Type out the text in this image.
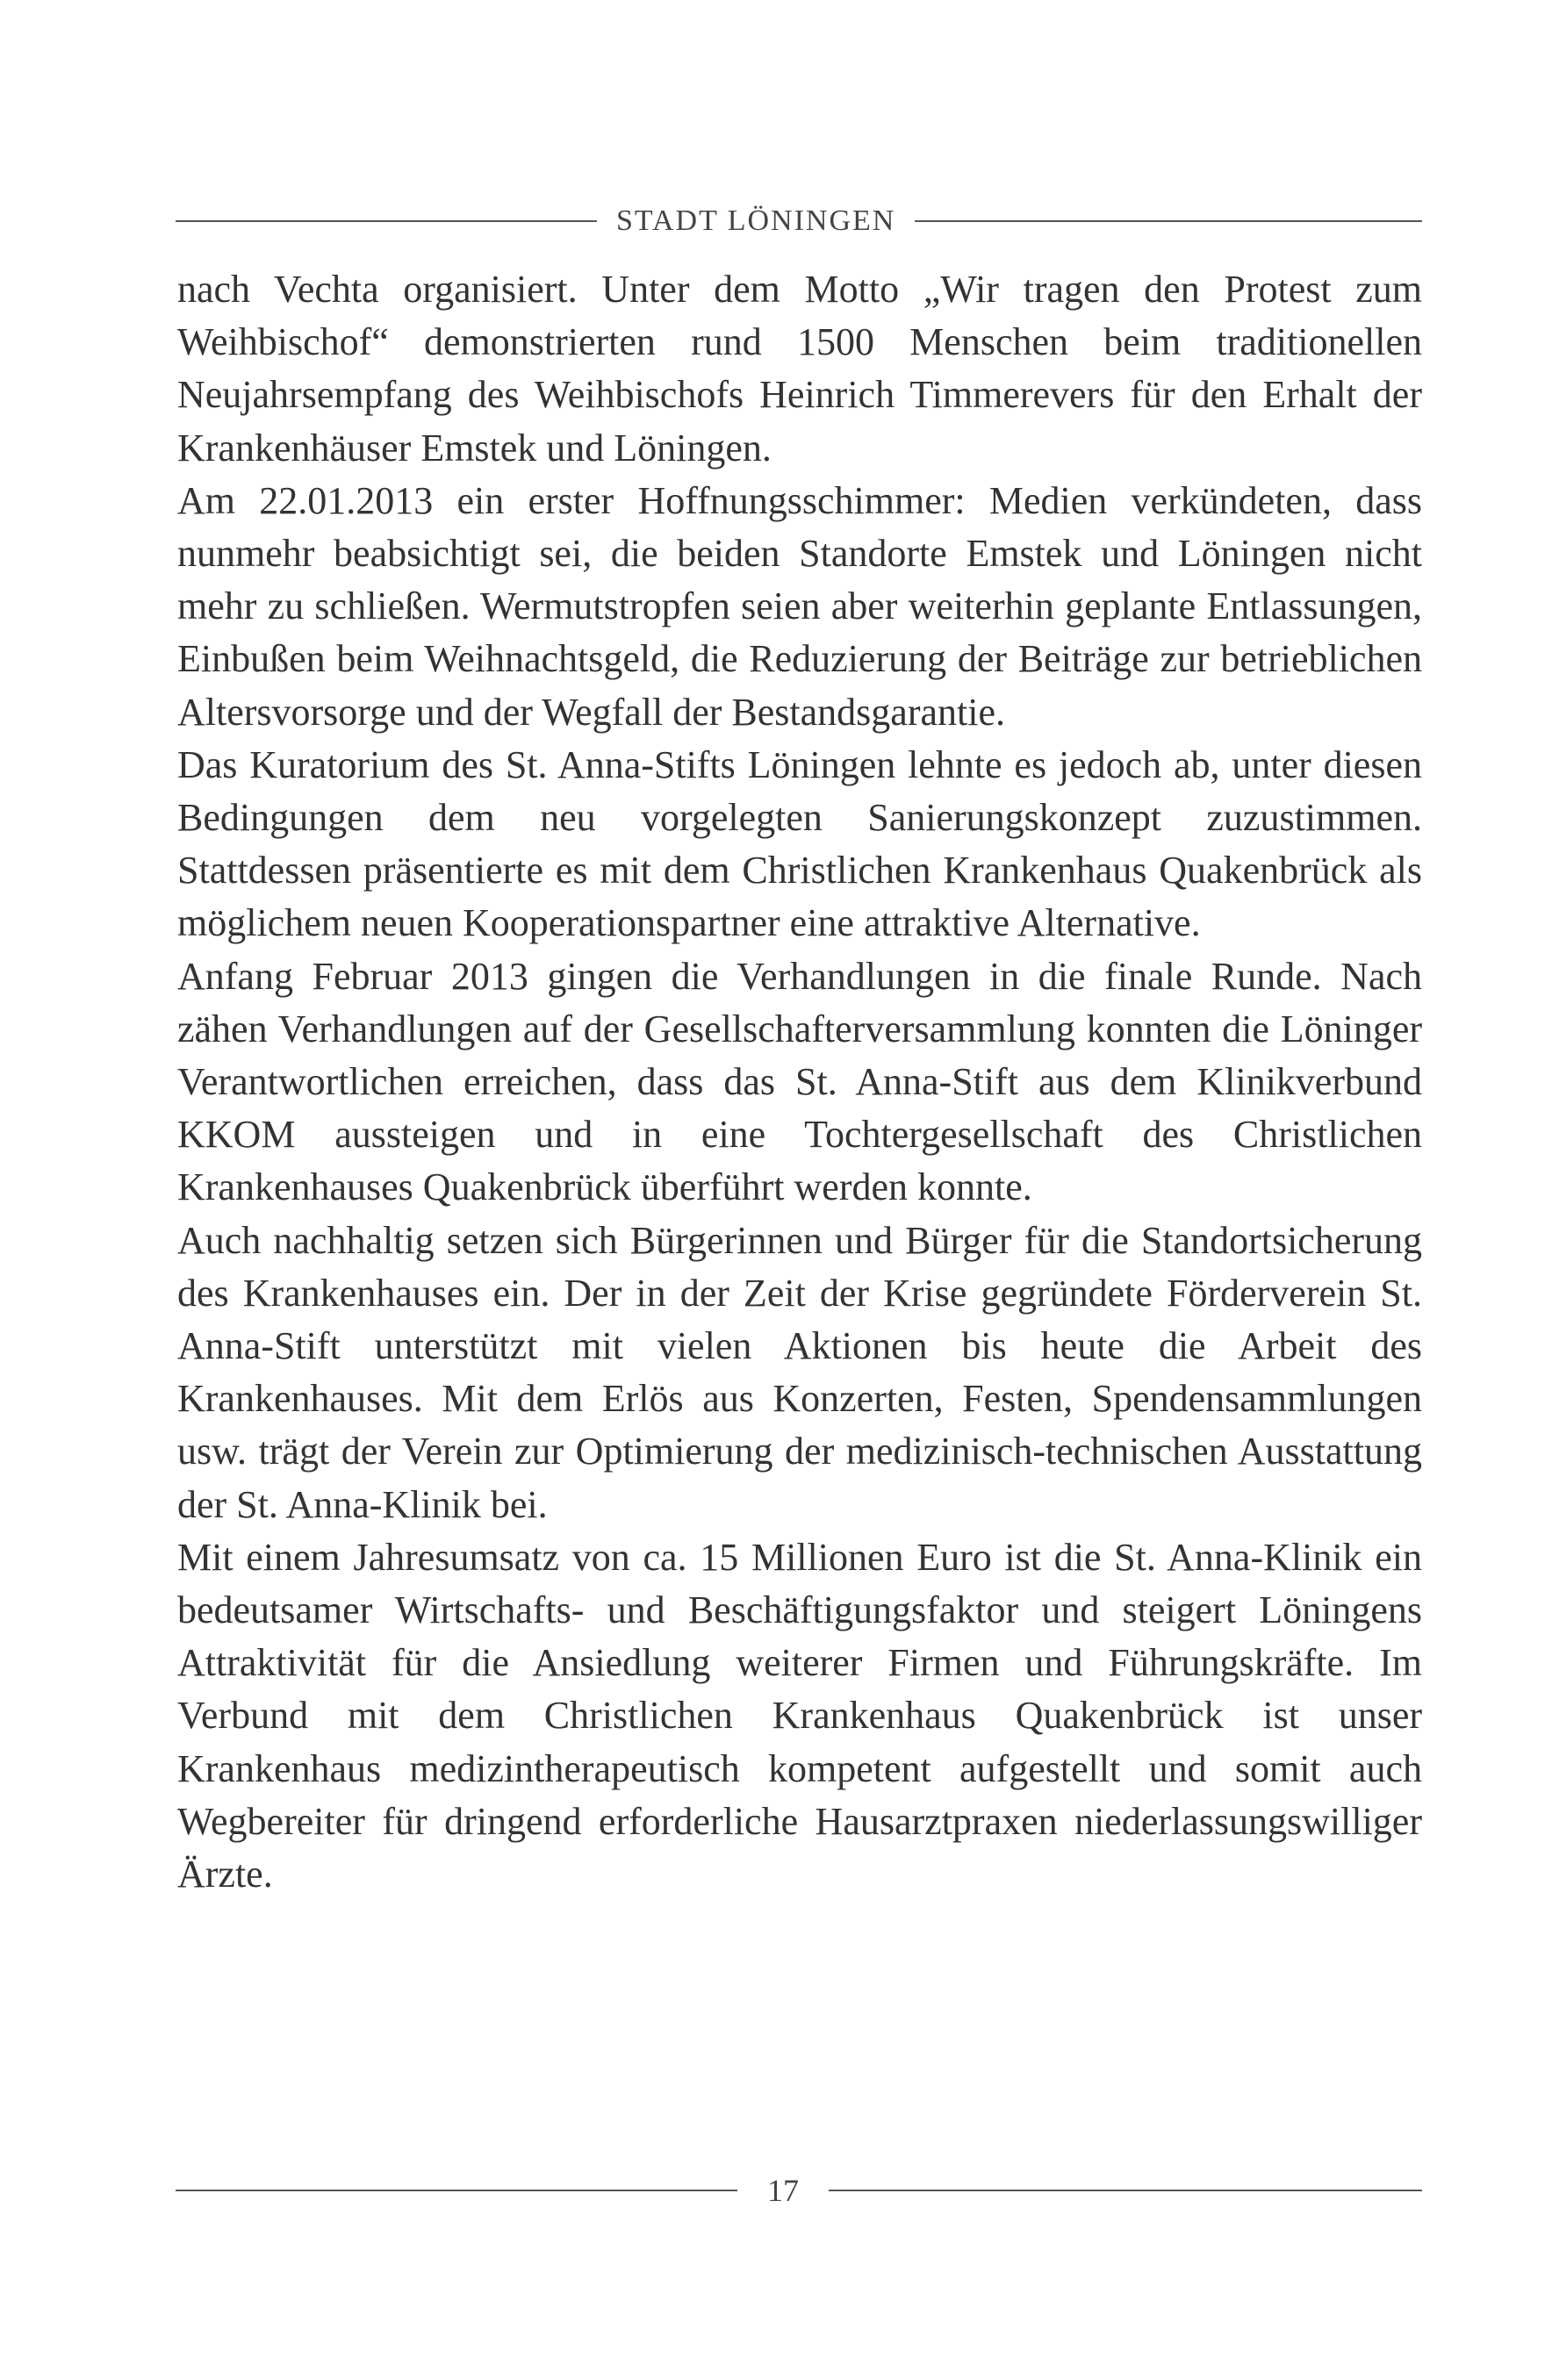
STADT LÖNINGEN

nach Vechta organisiert. Unter dem Motto „Wir tragen den Protest zum Weihbischof“ demonstrierten rund 1500 Menschen beim traditionellen Neujahrsempfang des Weihbischofs Heinrich Timmerevers für den Erhalt der Krankenhäuser Emstek und Löningen.

Am 22.01.2013 ein erster Hoffnungsschimmer: Medien verkündeten, dass nunmehr beabsichtigt sei, die beiden Standorte Emstek und Löningen nicht mehr zu schließen. Wermutstropfen seien aber weiterhin geplante Entlassungen, Einbußen beim Weihnachtsgeld, die Reduzierung der Beiträge zur betrieblichen Altersvorsorge und der Wegfall der Bestandsgarantie.

Das Kuratorium des St. Anna-Stifts Löningen lehnte es jedoch ab, unter diesen Bedingungen dem neu vorgelegten Sanierungskonzept zuzustimmen. Stattdessen präsentierte es mit dem Christlichen Krankenhaus Quakenbrück als möglichem neuen Kooperationspartner eine attraktive Alternative.

Anfang Februar 2013 gingen die Verhandlungen in die finale Runde. Nach zähen Verhandlungen auf der Gesellschafterversammlung konnten die Löninger Verantwortlichen erreichen, dass das St. Anna-Stift aus dem Klinikverbund KKOM aussteigen und in eine Tochtergesellschaft des Christlichen Krankenhauses Quakenbrück überführt werden konnte.

Auch nachhaltig setzen sich Bürgerinnen und Bürger für die Standortsicherung des Krankenhauses ein. Der in der Zeit der Krise gegründete Förderverein St. Anna-Stift unterstützt mit vielen Aktionen bis heute die Arbeit des Krankenhauses. Mit dem Erlös aus Konzerten, Festen, Spendensammlungen usw. trägt der Verein zur Optimierung der medizinisch-technischen Ausstattung der St. Anna-Klinik bei.

Mit einem Jahresumsatz von ca. 15 Millionen Euro ist die St. Anna-Klinik ein bedeutsamer Wirtschafts- und Beschäftigungsfaktor und steigert Löningens Attraktivität für die Ansiedlung weiterer Firmen und Führungskräfte. Im Verbund mit dem Christlichen Krankenhaus Quakenbrück ist unser Krankenhaus medizintherapeutisch kompetent aufgestellt und somit auch Wegbereiter für dringend erforderliche Hausarztpraxen niederlassungswilliger Ärzte.

17
